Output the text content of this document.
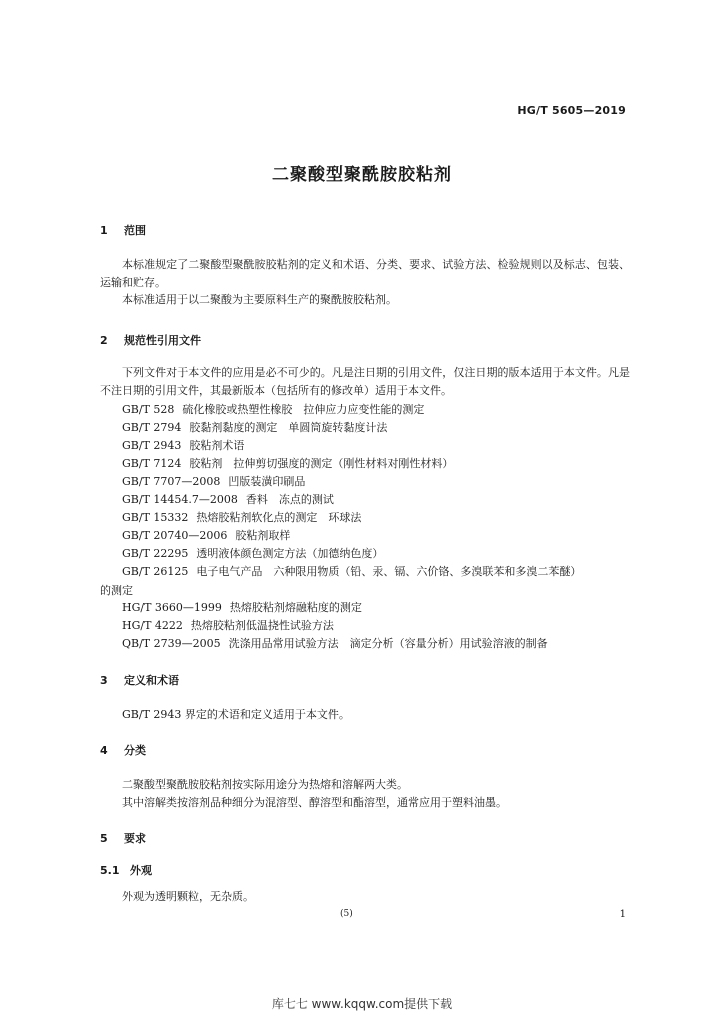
HG/T 5605—2019
二聚酸型聚酰胺胶粘剂
1 范围

本标准规定了二聚酸型聚酰胺胶粘剂的定义和术语、分类、要求、试验方法、检验规则以及标志、包装、运输和贮存。

本标准适用于以二聚酸为主要原料生产的聚酰胺胶粘剂。

2 规范性引用文件

下列文件对于本文件的应用是必不可少的。凡是注日期的引用文件，仅注日期的版本适用于本文件。凡是不注日期的引用文件，其最新版本（包括所有的修改单）适用于本文件。

GB/T 528 硫化橡胶或热塑性橡胶　拉伸应力应变性能的测定
GB/T 2794 胶黏剂黏度的测定　单圆筒旋转黏度计法
GB/T 2943 胶粘剂术语
GB/T 7124 胶粘剂　拉伸剪切强度的测定（刚性材料对刚性材料）
GB/T 7707—2008 凹版装潢印刷品
GB/T 14454.7—2008 香料　冻点的测试
GB/T 15332 热熔胶粘剂软化点的测定　环球法
GB/T 20740—2006 胶粘剂取样
GB/T 22295 透明液体颜色测定方法（加德纳色度）
GB/T 26125 电子电气产品　六种限用物质（铅、汞、镉、六价铬、多溴联苯和多溴二苯醚）
的测定
HG/T 3660—1999 热熔胶粘剂熔融粘度的测定
HG/T 4222 热熔胶粘剂低温挠性试验方法
QB/T 2739—2005 洗涤用品常用试验方法　滴定分析（容量分析）用试验溶液的制备
3 定义和术语

GB/T 2943 界定的术语和定义适用于本文件。

4 分类

二聚酸型聚酰胺胶粘剂按实际用途分为热熔和溶解两大类。

其中溶解类按溶剂品种细分为混溶型、醇溶型和酯溶型，通常应用于塑料油墨。

5 要求
5.1 外观

外观为透明颗粒，无杂质。

(5)	1
库七七 www.kqqw.com提供下载
